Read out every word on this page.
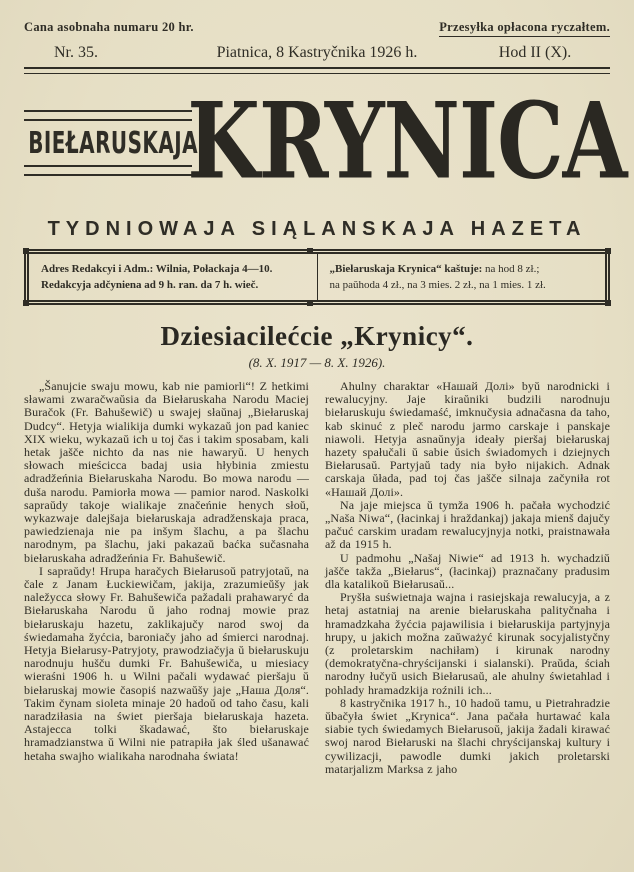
Cana asobnaha numaru 20 hr.	Przesyłka opłacona ryczałtem.
Nr. 35.	Piatnica, 8 Kastryčnika 1926 h.	Hod II (X).
BIEŁARUSKAJA
KRYNICA
TYDNIOWAJA SIĄLANSKAJA HAZETA
Adres Redakcyi i Adm.: Wilnia, Połackaja 4—10.
Redakcyja adčyniena ad 9 h. ran. da 7 h. wieč.
„Biełaruskaja Krynica“ kaštuje: na hod 8 zł.;
na paŭhoda 4 zł., na 3 mies. 2 zł., na 1 mies. 1 zł.
Dziesiacilećcie „Krynicy“.
(8. X. 1917 — 8. X. 1926).

„Šanujcie swaju mowu, kab nie pamiorli“! Z hetkimi sławami zwaračwaŭsia da Biełaruskaha Narodu Maciej Buračok (Fr. Bahušewič) u swajej słaŭnaj „Biełaruskaj Dudcy“. Hetyja wialikija dumki wykazaŭ jon pad kaniec XIX wieku, wykazaŭ ich u toj čas i takim sposabam, kali hetak jašče nichto da nas nie hawaryŭ. U henych słowach mieścicca badaj usia hłybinia zmiestu adradžeńnia Biełaruskaha Narodu. Bo mowa narodu — duša narodu. Pamiorła mowa — pamior narod. Naskolki sapraŭdy takoje wialikaje značeńnie henych słoŭ, wykazwaje dalejšaja biełaruskaja adradženskaja praca, pawiedzienaja nie pa inšym šlachu, a pa šlachu narodnym, pa šlachu, jaki pakazaŭ baćka sučasnaha biełaruskaha adradžeńnia Fr. Bahušewič.

I sapraŭdy! Hrupa haračych Biełarusoŭ patryjotaŭ, na čale z Janam Łuckiewičam, jakija, zrazumieŭšy jak naležycca słowy Fr. Bahušewiča pažadali prahawaryć da Biełaruskaha Narodu ŭ jaho rodnaj mowie praz biełaruskaju hazetu, zaklikajučy narod swoj da świedamaha žyćcia, baroniačy jaho ad śmierci narodnaj. Hetyja Biełarusy-Patryjoty, prawodziačyja ŭ biełaruskuju narodnuju hušču dumki Fr. Bahušewiča, u miesiacy wieraśni 1906 h. u Wilni pačali wydawać pieršaju ŭ biełaruskaj mowie časopiś nazwaŭšy jaje „Наша Доля“. Takim čynam sioleta minaje 20 hadoŭ od taho času, kali naradziłasia na świet pieršaja biełaruskaja hazeta. Astajecca tolki škadawać, što biełaruskaje hramadzianstwa ŭ Wilni nie patrapiła jak śled ušanawać hetaha swajho wialikaha narodnaha świata!

Ahulny charaktar «Нашай Долі» byŭ narodnicki i rewalucyjny. Jaje kiraŭniki budzili narodnuju biełaruskuju świedamaść, imknučysia adnačasna da taho, kab skinuć z pleč narodu jarmo carskaje i panskaje niawoli. Hetyja asnaŭnyja ideały pieršaj biełaruskaj hazety spałučali ŭ sabie ŭsich świadomych i dziejnych Biełarusaŭ. Partyjaŭ tady nia było nijakich. Adnak carskaja ŭłada, pad toj čas jašče silnaja začyniła rot «Нашай Долі».

Na jaje miejsca ŭ tymža 1906 h. pačała wychodzić „Naša Niwa“, (łacinkaj i hraždankaj) jakaja mienš dajučy pačuć carskim uradam rewalucyjnyja notki, praistnawała až da 1915 h.

U padmohu „Našaj Niwie“ ad 1913 h. wychadziŭ jašče takža „Biełarus“, (łacinkaj) praznačany pradusim dla katalikoŭ Biełarusaŭ...

Pryšła suświetnaja wajna i rasiejskaja rewalucyja, a z hetaj astatniaj na arenie biełaruskaha palityčnaha i hramadzkaha žyćcia pajawilisia i biełaruskija partyjnyja hrupy, u jakich možna zaŭważyć kirunak socyjalistyčny (z proletarskim nachiłam) i kirunak narodny (demokratyčna-chryścijanski i sialanski). Praŭda, ściah narodny łučyŭ usich Biełarusaŭ, ale ahulny świetahlad i pohlady hramadzkija roźnili ich...

8 kastryčnika 1917 h., 10 hadoŭ tamu, u Pietrahradzie ŭbačyła świet „Krynica“. Jana pačała hurtawać kala siabie tych świedamych Biełarusoŭ, jakija žadali kirawać swoj narod Biełaruski na šlachi chryścijanskaj kultury i cywilizacji, pawodle dumki jakich proletarski matarjalizm Marksa z jaho
